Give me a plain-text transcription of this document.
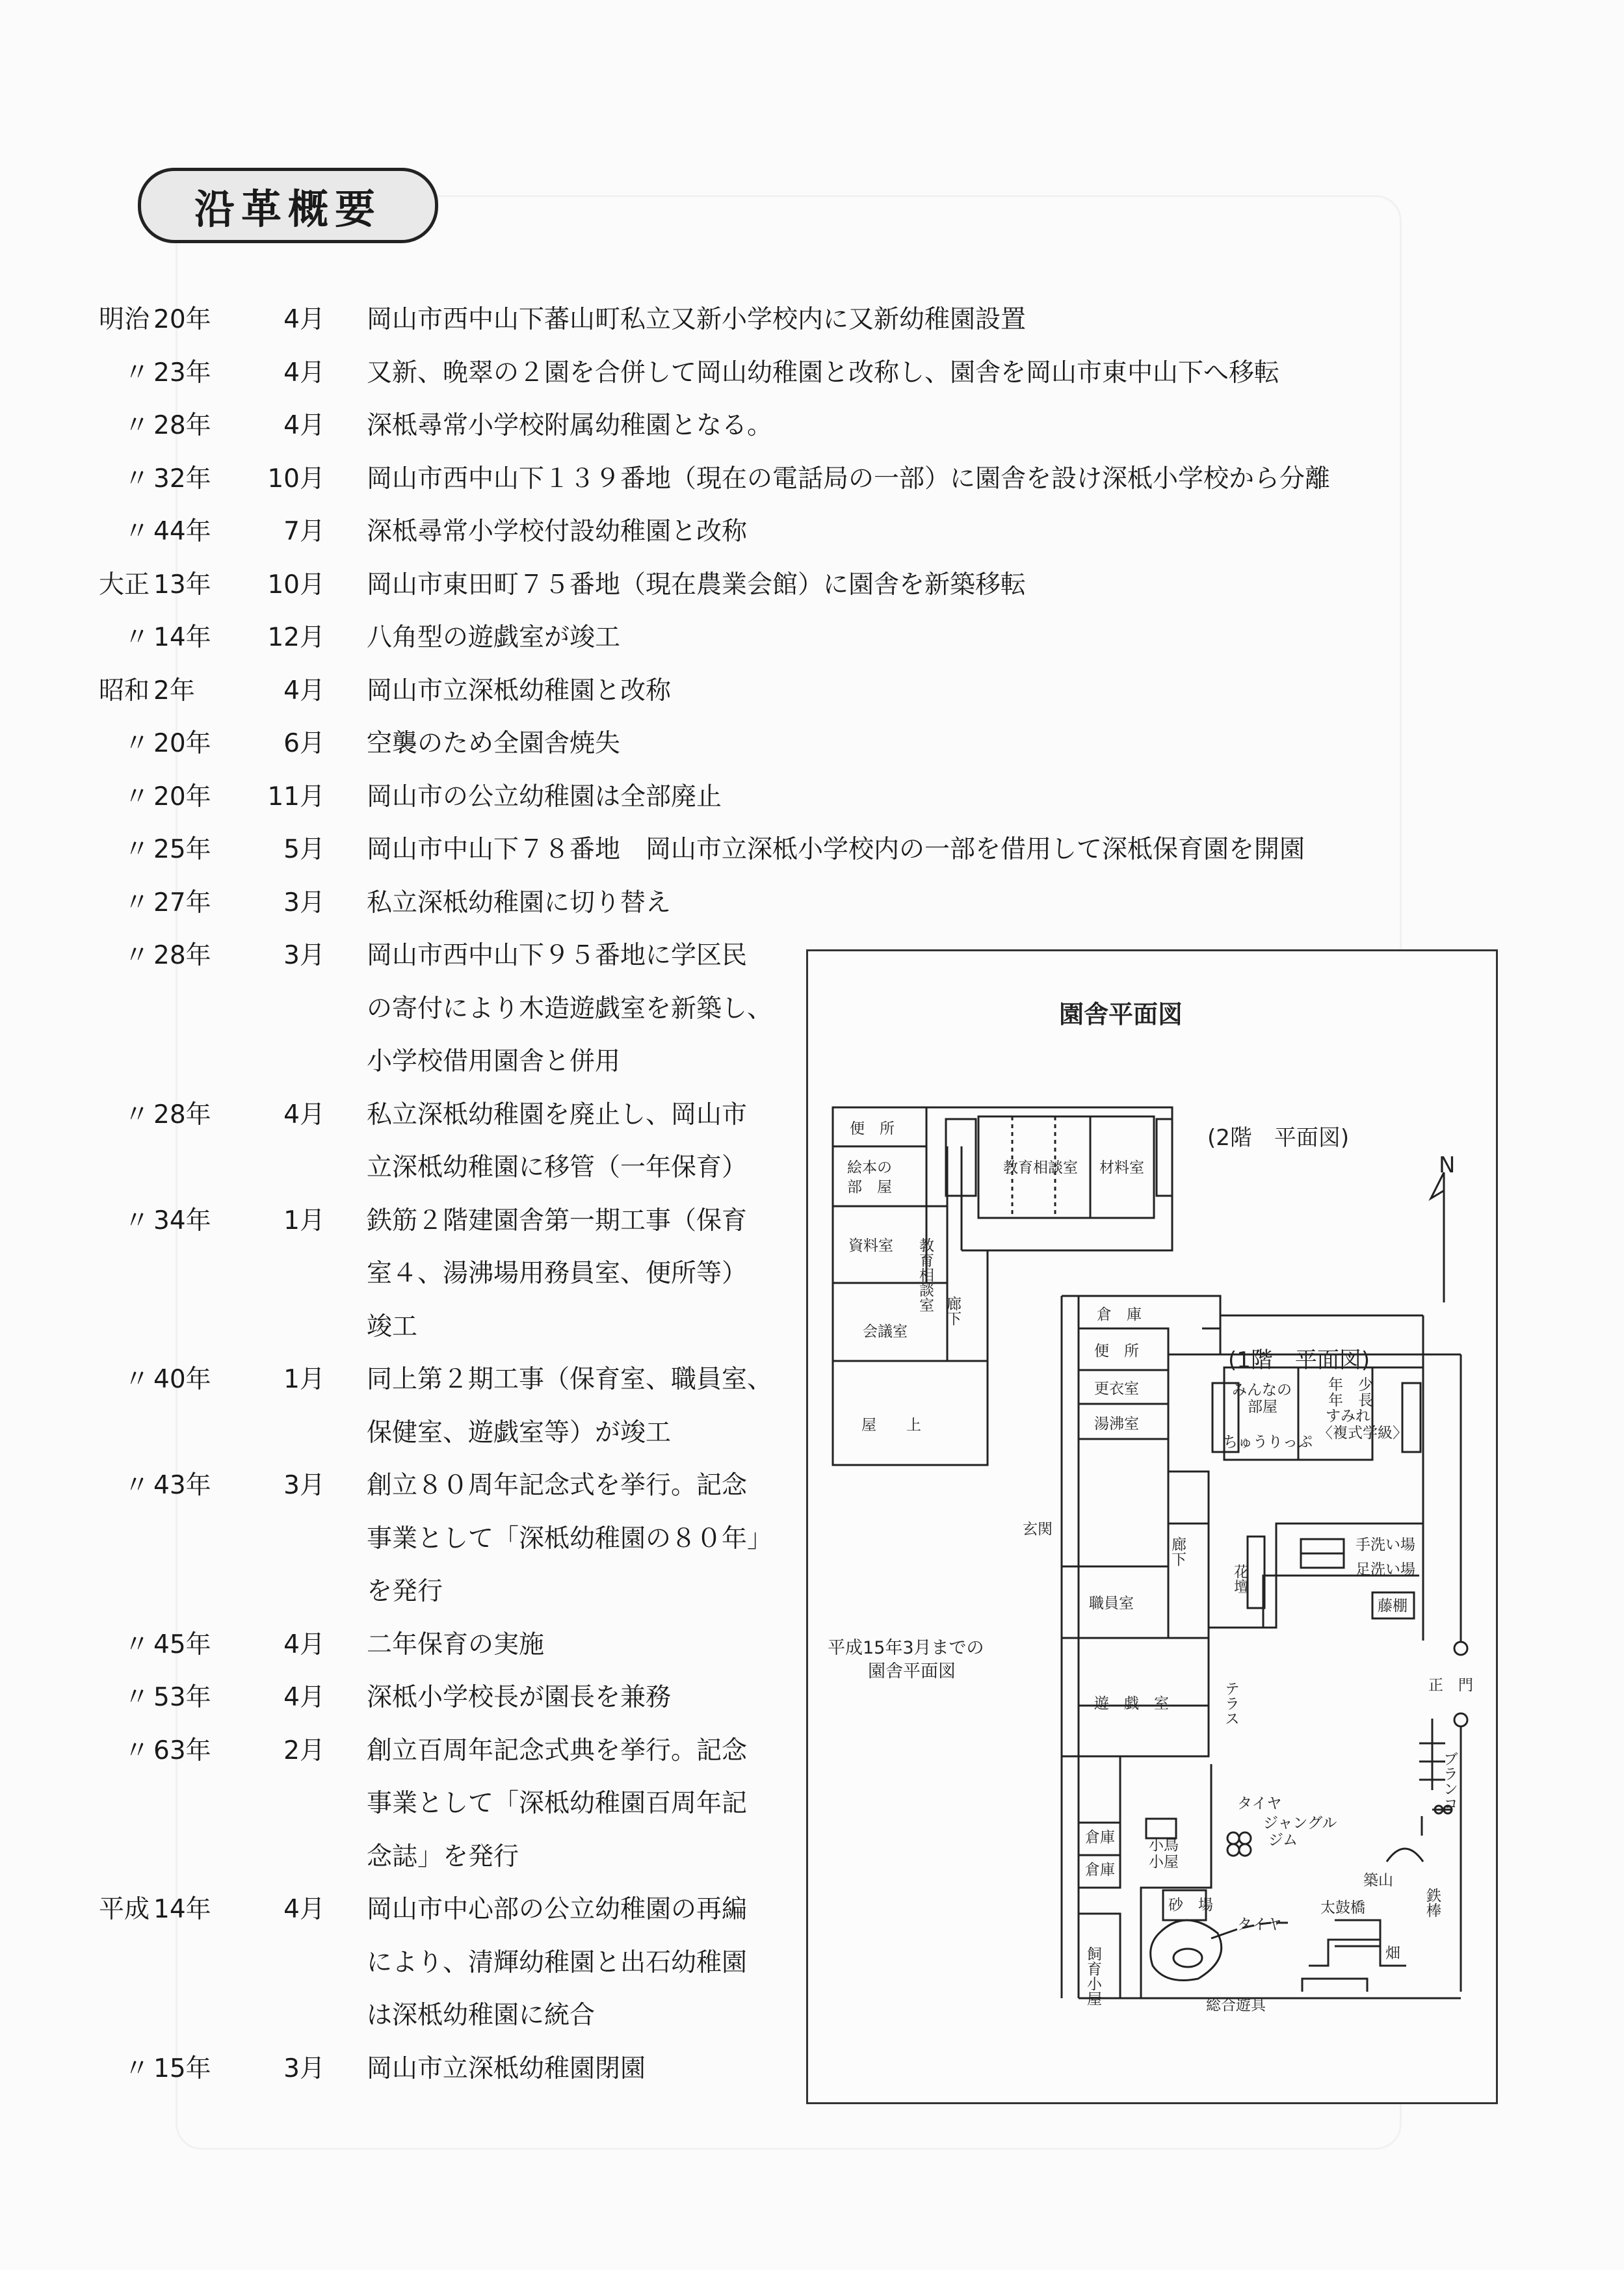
沿革概要
明治 20年	4月 岡山市西中山下蕃山町私立又新小学校内に又新幼稚園設置
〃 23年	4月 又新、晩翠の２園を合併して岡山幼稚園と改称し、園舎を岡山市東中山下へ移転
〃 28年	4月 深柢尋常小学校附属幼稚園となる。
〃 32年	10月 岡山市西中山下１３９番地（現在の電話局の一部）に園舎を設け深柢小学校から分離
〃 44年	7月 深柢尋常小学校付設幼稚園と改称
大正 13年	10月 岡山市東田町７５番地（現在農業会館）に園舎を新築移転
〃 14年	12月 八角型の遊戯室が竣工
昭和 2年	4月 岡山市立深柢幼稚園と改称
〃 20年	6月 空襲のため全園舎焼失
〃 20年	11月 岡山市の公立幼稚園は全部廃止
〃 25年	5月 岡山市中山下７８番地　岡山市立深柢小学校内の一部を借用して深柢保育園を開園
〃 27年	3月 私立深柢幼稚園に切り替え
〃 28年	3月 岡山市西中山下９５番地に学区民
の寄付により木造遊戯室を新築し、
小学校借用園舎と併用
〃 28年	4月 私立深柢幼稚園を廃止し、岡山市
立深柢幼稚園に移管（一年保育）
〃 34年	1月 鉄筋２階建園舎第一期工事（保育
室４、湯沸場用務員室、便所等）
竣工
〃 40年	1月 同上第２期工事（保育室、職員室、
保健室、遊戯室等）が竣工
〃 43年	3月 創立８０周年記念式を挙行。記念
事業として「深柢幼稚園の８０年」
を発行
〃 45年	4月 二年保育の実施
〃 53年	4月 深柢小学校長が園長を兼務
〃 63年	2月 創立百周年記念式典を挙行。記念
事業として「深柢幼稚園百周年記
念誌」を発行
平成 14年	4月 岡山市中心部の公立幼稚園の再編
により、清輝幼稚園と出石幼稚園
は深柢幼稚園に統合
〃 15年	3月 岡山市立深柢幼稚園閉園
園舎平面図
(2階　平面図)
(1階　平面図)
N
平成15年3月までの
園舎平面図
便　所
絵本の
部　屋
資料室
教育相談室 材料室
会議室
屋　　上
倉　庫
便　所
更衣室
湯沸室
みんなの
部屋
ちゅうりっぷ
年　少
年　長
すみれ
〈複式学級〉
玄関
手洗い場
足洗い場
藤棚
職員室
遊　戯　室
正　門
倉庫
倉庫
小鳥
小屋
タイヤ
ジャングル
ジム
築山
砂　場	太鼓橋
タイヤ
畑
総合遊具
教育相談室 廊下
廊下
花壇
テラス
ブランコ
鉄棒
飼育小屋
